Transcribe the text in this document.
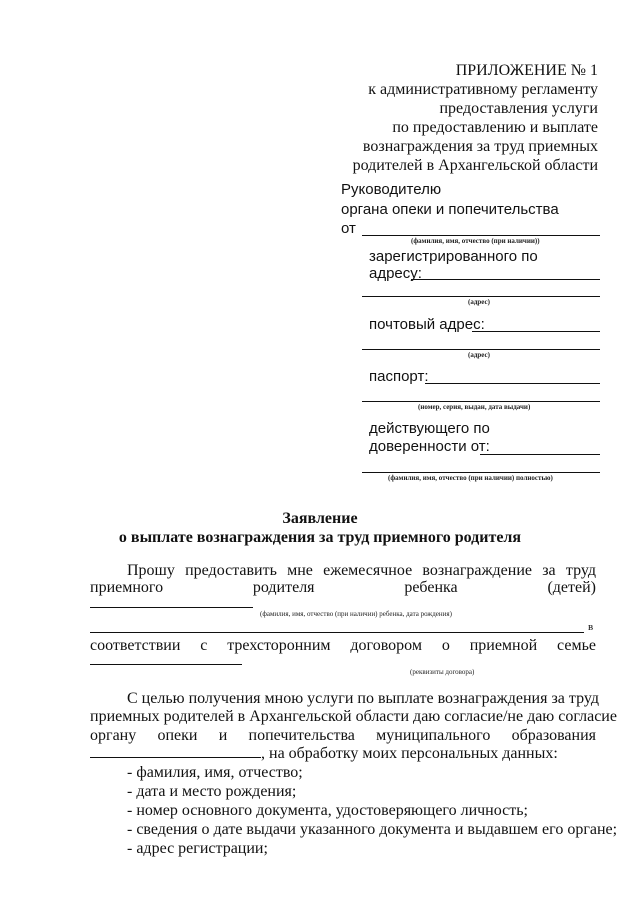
ПРИЛОЖЕНИЕ № 1
к административному регламенту
предоставления услуги
по предоставлению и выплате
вознаграждения за труд приемных
родителей в Архангельской области
Руководителю
органа опеки и попечительства
от
(фамилия, имя, отчество (при наличии))
зарегистрированного по
адресу:
(адрес)
почтовый адрес:
(адрес)
паспорт:
(номер, серия, выдан, дата выдачи)
действующего по
доверенности от:
(фамилия, имя, отчество (при наличии) полностью)
Заявление
о выплате вознаграждения за труд приемного родителя
Прошу предоставить мне ежемесячное вознаграждение за труд
приемного	родителя	ребенка	(детей)
(фамилия, имя, отчество (при наличии) ребенка, дата рождения)
в
соответствии с трехсторонним договором о приемной семье
(реквизиты договора)
С целью получения мною услуги по выплате вознаграждения за труд
приемных родителей в Архангельской области даю согласие/не даю согласие
органу опеки и попечительства муниципального образования
, на обработку моих персональных данных:
- фамилия, имя, отчество;
- дата и место рождения;
- номер основного документа, удостоверяющего личность;
- сведения о дате выдачи указанного документа и выдавшем его органе;
- адрес регистрации;
